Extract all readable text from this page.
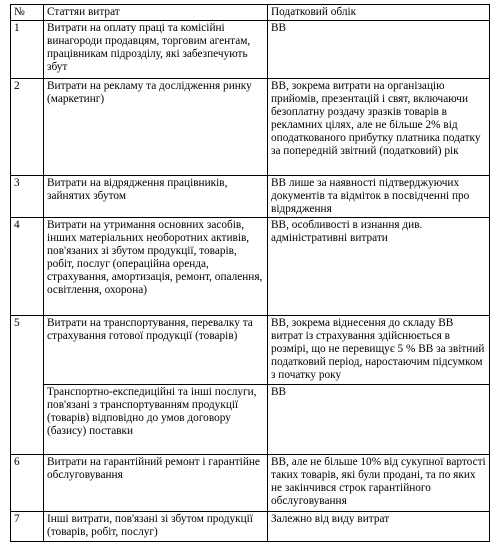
№	Статтяи витрат	Податковий облік
1	Витрати на оплату праці та комісійні винагороди продавцям, торговим агентам, працівникам підрозділу, які забезпечують збут	ВВ
2	Витрати на рекламу та дослідження ринку (маркетинг)	ВВ, зокрема витрати на організацію прийомів, презентацій і свят, включаючи безоплатну роздачу зразків товарів в рекламних цілях, але не більше 2% від оподаткованого прибутку платника податку за попередній звітний (податковий) рік
3	Витрати на відрядження працівників, зайнятих збутом	ВВ лише за наявності підтверджуючих документів та відміток в посвідченні про відрядження
4	Витрати на утримання основних засобів, інших матеріальних необоротних активів, пов'язаних зі збутом продукції, товарів, робіт, послуг (операційна оренда, страхування, амортизація, ремонт, опалення, освітлення, охорона)	ВВ, особливості в изнання див. адміністративні витрати
5	Витрати на транспортування, перевалку та страхування готової продукції (товарів)	ВВ, зокрема віднесення до складу ВВ витрат із страхування здійснюється в розмірі, що не перевищує 5 % ВВ за звітний податковий період, наростаючим підсумком з початку року
	Транспортно-експедиційні та інші послуги, пов'язані з транспортуванням продукції (товарів) відповідно до умов договору (базису) поставки	ВВ
6	Витрати на гарантійний ремонт і гарантійне обслуговування	ВВ, але не більше 10% від сукупної вартості таких товарів, які були продані, та по яких не закінчився строк гарантійного обслуговування
7	Інші витрати, пов'язані зі збутом продукції (товарів, робіт, послуг)	Залежно від виду витрат
